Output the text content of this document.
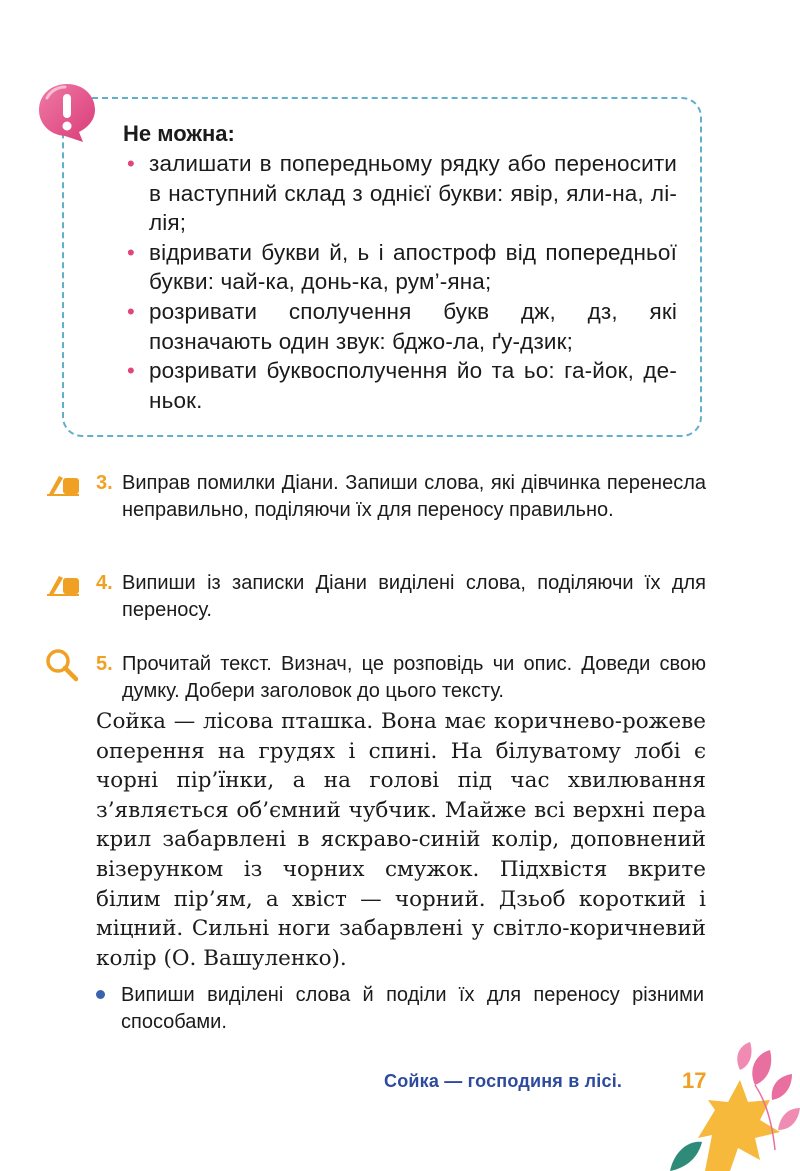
Не можна:
• залишати в попередньому рядку або переносити в наступний склад з однієї букви: явір, яли-на, лі-лія;
• відривати букви й, ь і апостроф від попередньої букви: чай-ка, донь-ка, рум’-яна;
• розривати сполучення букв дж, дз, які позначають один звук: бджо-ла, ґу-дзик;
• розривати буквосполучення йо та ьо: га-йок, де-ньок.
3. Виправ помилки Діани. Запиши слова, які дівчинка перенесла неправильно, поділяючи їх для переносу правильно.
4. Випиши із записки Діани виділені слова, поділяючи їх для переносу.
5. Прочитай текст. Визнач, це розповідь чи опис. Доведи свою думку. Добери заголовок до цього тексту.
Сойка — лісова пташка. Вона має коричнево-рожеве оперення на грудях і спині. На білуватому лобі є чорні пір’їнки, а на голові під час хвилювання з’являється об’ємний чубчик. Майже всі верхні пера крил забарвлені в яскраво-синій колір, доповнений візерунком із чорних смужок. Підхвістя вкрите білим пір’ям, а хвіст — чорний. Дзьоб короткий і міцний. Сильні ноги забарвлені у світло-коричневий колір (О. Вашуленко).
Випиши виділені слова й поділи їх для переносу різними способами.
Сойка — господиня в лісі.	17
